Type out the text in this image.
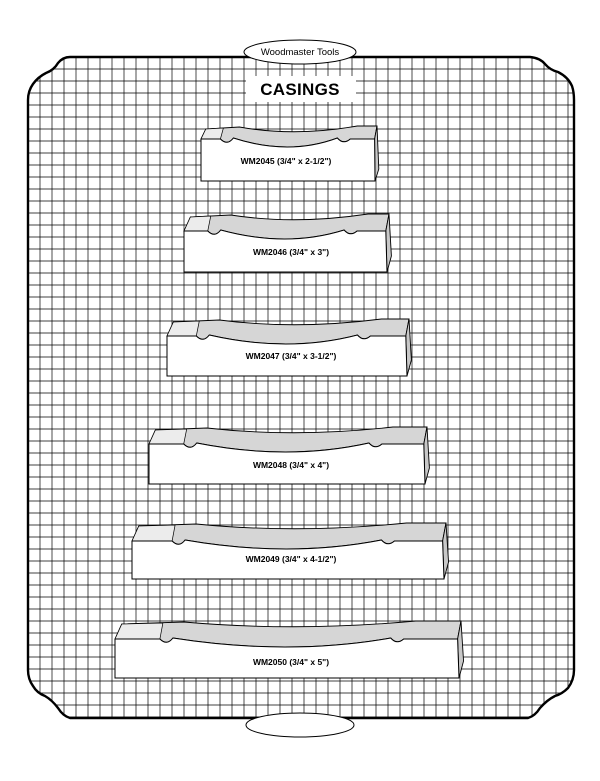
Woodmaster Tools
CASINGS
WM2045 (3/4" x 2-1/2")
WM2046 (3/4" x 3")
WM2047 (3/4" x 3-1/2")
WM2048 (3/4" x 4")
WM2049 (3/4" x 4-1/2")
WM2050 (3/4" x 5")
